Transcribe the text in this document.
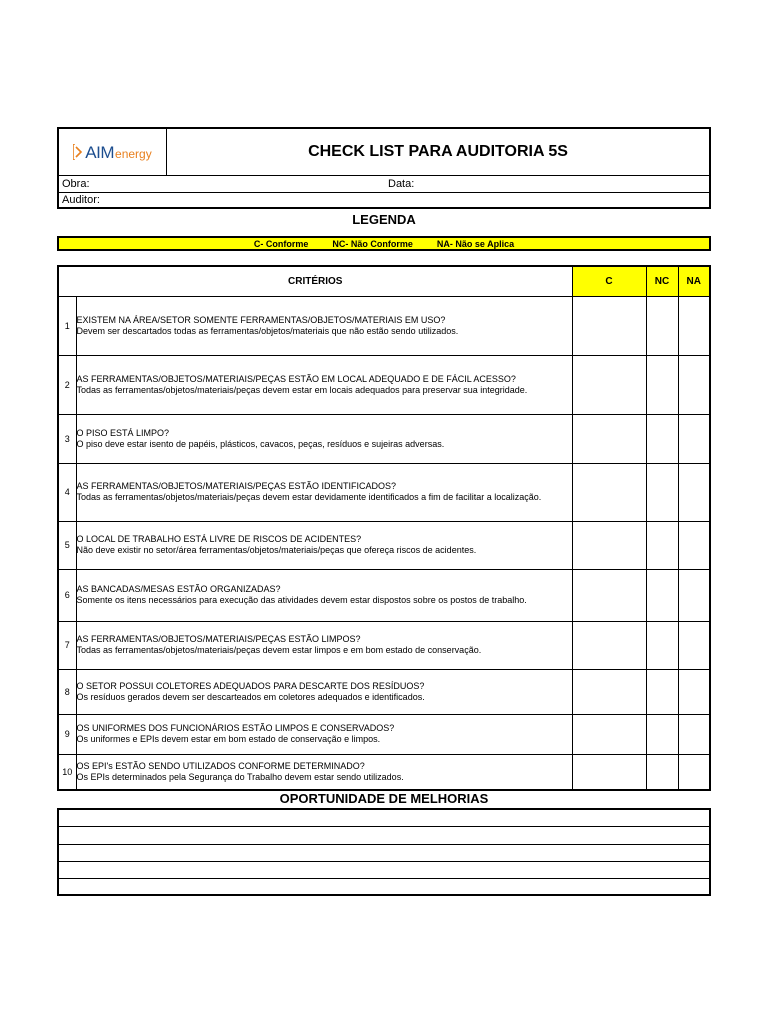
AIM energy	CHECK LIST PARA AUDITORIA 5S
Obra:	Data:
Auditor:
LEGENDA
C- Conforme	NC- Não Conforme	NA- Não se Aplica
CRITÉRIOS		C	NC	NA
1	EXISTEM NA ÁREA/SETOR SOMENTE FERRAMENTAS/OBJETOS/MATERIAIS EM USO?
Devem ser descartados todas as ferramentas/objetos/materiais que não estão sendo utilizados.			

2	AS FERRAMENTAS/OBJETOS/MATERIAIS/PEÇAS ESTÃO EM LOCAL ADEQUADO E DE FÁCIL ACESSO?
Todas as ferramentas/objetos/materiais/peças devem estar em locais adequados para preservar sua integridade.			

3	O PISO ESTÁ LIMPO?
O piso deve estar isento de papéis, plásticos, cavacos, peças, resíduos e sujeiras adversas.			

4	AS FERRAMENTAS/OBJETOS/MATERIAIS/PEÇAS ESTÃO IDENTIFICADOS?
Todas as ferramentas/objetos/materiais/peças devem estar devidamente identificados a fim de facilitar a localização.			

5	O LOCAL DE TRABALHO ESTÁ LIVRE DE RISCOS DE ACIDENTES?
Não deve existir no setor/área ferramentas/objetos/materiais/peças que ofereça riscos de acidentes.			

6	AS BANCADAS/MESAS ESTÃO ORGANIZADAS?
Somente os itens necessários para execução das atividades devem estar dispostos sobre os postos de trabalho.			

7	AS FERRAMENTAS/OBJETOS/MATERIAIS/PEÇAS ESTÃO LIMPOS?
Todas as ferramentas/objetos/materiais/peças devem estar limpos e em bom estado de conservação.			

8	O SETOR POSSUI COLETORES ADEQUADOS PARA DESCARTE DOS RESÍDUOS?
Os resíduos gerados devem ser descarteados em coletores adequados e identificados.			

9	OS UNIFORMES DOS FUNCIONÁRIOS ESTÃO LIMPOS E CONSERVADOS?
Os uniformes e EPIs devem estar em bom estado de conservação e limpos.			

10	OS EPI's ESTÃO SENDO UTILIZADOS CONFORME DETERMINADO?
Os EPIs determinados pela Segurança do Trabalho devem estar sendo utilizados.			

OPORTUNIDADE DE MELHORIAS
